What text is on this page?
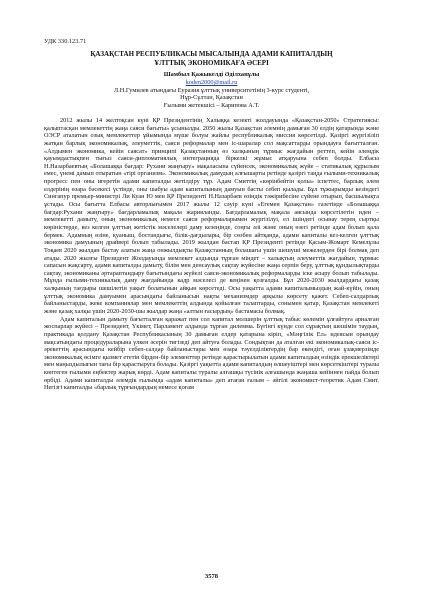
УДК 330.123.71
ҚАЗАҚСТАН РЕСПУБЛИКАСЫ МЫСАЛЫНДА АДАМИ КАПИТАЛДЫҢ
ҰЛТТЫҚ ЭКОНОМИКАҒА ӘСЕРІ
Шамбыл Қажыкелді Әділханұлы
koden2000@mail.ru
Л.Н.Гумилев атындағы Еуразия ұлттық университетінің 3-курс студенті,
Нұр-Сұлтан, Қазақстан
Ғылыми жетекшісі – Карипова А.Т.

2012 жылы 14 желтоқсан күні ҚР Президентінің Халыққа кезекті жолдауында «Қазақстан-2050» Стратегиясы: қалыптасқан мемлекеттің жаңа саяси бағыты» ұсынылды. 2050 жылы Қазақстан әлемнің дамыған 30 елдің қатарында және ОЭСР аталатын озық мемлекеттер ұйымында мүше болуы жайлы республикалық миссия көрсетілді. Қазіргі жүргізіліп жатқан барлық экономикалық, әлеуметтік, саяси реформалар мен іс-шаралар сол мақсаттарды орындауға бағытталған. «Алдымен экономика, кейін саясат» принципі Қазақстанның өз халқының тұрмыс жағдайын реттеп, кейін әлемдік қауымдастықпен тығыз саяси-дипломатиялық интеграцияда біркелкі жұмыс атқаруына себеп болды. Елбасы Н.Назарбаевтың «Болашаққа бағдар: Рухани жаңғыру» мақаласына сүйенсек, экономикалық жүйе – статикалық құрылым емес, үнемі дамып отыратын «тірі организм». Экономикалық дамудың алғышарты ретінде қазіргі таңда ғылыми-техникалық прогресс пен оны игеретін адами капиталды жетілдіру тұр. Адам Смиттің «көрінбейтін қолы» іспеттес, барлық әлем елдерінің өзара бәсекесі үстінде, оны шабуы адам капиталының дамуын басты себеп қылады. Бұл тұжырымды кезіндегі Сингапур премьер-министрі Ли Куан Ю мен ҚР Президенті Н.Назарбаев өзіндік тәжірибесіне сүйене отырып, басшылықта ұстады. Осы бағытта Елбасы авторлығымен 2017 жылы 12 сәуір күні «Егемен Қазақстан» газетінде «Болашаққа бағдар:Рухани жаңғыру» бағдарламалық мақала жарияланды. Бағдарламалық мақала аясында көрсетілетін идеи – мемлекетті дамыту, оның экономикалық немесе саяси реформаларымен жүргізілуі, ел ішіндегі осынау терең сыртқы көріністерде, кез келген ұлттың жетістік мәселелері даму кезеңінде, соңғы әлі және оның өзегі ретінде адам болып қала бермек. Адамның өзіне, қуаныш, бостандығы, білік-дағдылары, бір сөзбен айтқанда, адами капиталы кез-келген ұлттық экономика дамуының драйвері болып табылады. 2019 жылдан бастап ҚР Президенті ретінде Қасым-Жомарт Кемелұлы Тоқаев 2020 жылдан бастау алатын жаңа онжылдықты Қазақстанның болашағы үшін шешуші межелерден бірі болмақ деп атады. 2020 жылғы Президент Жолдауында мемлекет алдында тұрған міндет – халықтың әлеуметтік жағдайын, тұрмыс сапасын жақсарту, адами капиталды дамыту, білім мен денсаулық сақтау жүйесіне жаңа серпін беру, ұлттық құндылықтарды сақтау, экономиканы әртараптандыру бағытындағы жүйелі саяси-экономикалық реформаларды іске асыру болып табылады. Мұнда ғылыми-техникалық даму жағдайында кадр мәселесі де кеңінен қозғалды. Бұл 2020-2030 жылдардағы қазақ халқының тағдыры шешілетін уақыт болатынын айқын көрсетеді. Осы уақытта адами капиталымыздың жай-күйін, оның ұлттық экономика дамуымен арасындағы байланысын нақты механизмдер арқылы көрсету қажет. Себеп-салдарлық байланыстарды, жеке компаниялар мен мемлекеттің алдында қойылған талаптарды, сонымен қатар, Қазақстан мемлекеті және қазақ халқы үшін 2020-2030-шы жылдар жаңа «алтын ғасырдың» бастамасы болмақ.

Адам капиталын дамыту бағытталған қаражат пен сол капитал молшерін ұлттық табыс көлемін ұлғайтуға арналған жоспарлар жүйесі – Президент, Үкімет, Парламент алдында тұрған дилемма. Бүгінгі күнде сол сұрақтың шешімін таудың, практикада қолдану Қазақстан Республикасының 30 дамыған елдер қатарына кіріп, «Мәңгілік Ел» идеясын орындау мақсатындағы процедураларына үлкен әсерін тигізеді деп айтуға болады. Сондықтан да аталған екі экономикалық-саяси іс-әрекеттің арасындағы кейбір себеп-салдар байланыстары мен өзара тәуелділіктердің бар екендігі, оған ұзақмерзімде экономикалық өсімге қызмет ететін бірден-бір элементтер ретінде қарастырылатын адами капиталдың өзіндік ерекшеліктері мен маңыздылығын тағы бір қарастыруға болады. Қазіргі уақытта адами капиталдың өлшеуіштері мен көрсеткіштері туралы көптеген ғылыми еңбектер жарық көрді. Адам капиталы туралы алғашқы түсінік алғашында жаңаша кейіннен пайда болып өрбіді. Адами капиталды әлемдік ғылымда «адам капиталы» деп атаған ғалым – әйгілі экономист-теоретик Адам Смит. Негізгі капиталды «барлық тұрғындардың немесе қоғам

3578
